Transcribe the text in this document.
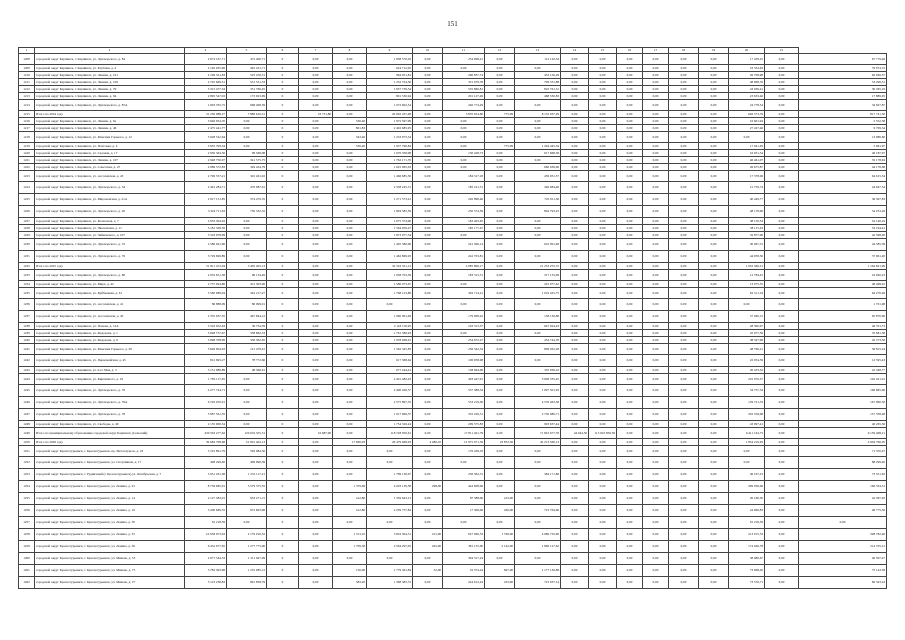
151
1	2	4	5	6	7	8	9	10	11	12	13	14	15	16	17	18	19	20	21	
1208	городской округ Карпинск, г. Карпинск, ул. Луначарского, д. 84	2 674 167,71	472 400,71	0	0,00	0,00	1 838 570,02	0,00	254 098,41	0,00	112 120,34	0,00	0,00	0,00	0,00	0,00	0,00	17 439,25	0,00	67 779,46
1209	городской округ Карпинск, г. Карпинск, ул. Клубная, д. 4	2 162 035,69	445 431,71	0	0,00	0,00	624 712,05	0,00	0,00	0,00	0,00	0,00	0,00	0,00	0,00	0,00	0,00	23 334,63	0,00	79 974,72
1210	городской округ Карпинск, г. Карпинск, ул. Ленина, д. 101	2 199 321,83	525 476,31	0	0,00	0,00	964 051,81	0,00	260 837,74	0,00	453 156,29	0,00	0,00	0,00	0,00	0,00	0,00	26 708,98	0,00	62 926,37
1211	городской округ Карпинск, г. Карпинск, ул. Ленина, д. 109	2 745 669,31	531 551,53	0	0,00	0,00	1 252 724,36	0,00	331 679,78	0,00	799 531,88	0,00	0,00	0,00	0,00	0,00	0,00	48 668,76	0,00	53 296,31
1212	городской округ Карпинск, г. Карпинск, ул. Ленина, д. 79	3 315 477,34	351 760,45	0	0,00	0,00	1 957 739,34	0,00	535 860,81	0,00	810 761,31	0,00	0,00	0,00	0,00	0,00	0,00	43 036,41	0,00	30 265,19
1213	городской округ Карпинск, г. Карпинск, ул. Ленина, д. 94	2 895 547,93	173 923,99	0	0,00	0,00	801 530,94	0,00	201 127,49	0,00	468 530,83	0,00	0,00	0,00	0,00	0,00	0,00	23 633,46	0,00	17 889,95
1214	городской округ Карпинск, г. Карпинск, ул. Луначарского, д. 87А	1 693 335,75	668 408,39	0	0,00	0,00	1 072 602,54	0,00	240 774,29	0,00	0,00	0,00	0,00	0,00	0,00	0,00	0,00	24 778,54	0,00	34 927,87
1215	Итого по 2024 году	31 250 088,27	7 880 616,31	0	23 731,80	0,00	20 902 437,48	0,00	3 870 654,60	775,99	8 135 937,29	0,00	0,00	0,00	0,00	0,00	0,00	646 573,79	0,00	817 741,30
1216	городской округ Карпинск, г. Карпинск, ул. Ленина, д. 6а	3 646 954,70	0,00	0	0,00	536,40	1 975 597,99	0,00	0,00	0,00	0,00	0,00	0,00	0,00	0,00	0,00	0,00	16 601,94	0,00	5 552,58
1217	городской округ Карпинск, г. Карпинск, ул. Ленина, д. 46	2 475 441,77	0,00	0	0,00	801,83	2 402 685,95	0,00	0,00	0,00	0,00	0,00	0,00	0,00	0,00	0,00	0,00	27 427,46	0,00	9 709,34
1218	городской округ Карпинск, г. Карпинск, ул. Максима Горького, д. 12	3 028 522,64	0,00	0	0,00	343,40	1 233 973,34	0,00	0,00	0,00	0,00	0,00	0,00	0,00	0,00	0,00	0,00	0,00	0,00	13 086,60
1219	городской округ Карпинск, г. Карпинск, ул. Почтовая, д. 4	3 935 709,34	0,00	0	0,00	536,40	1 937 796,84	0,00	0,00	775,99	1 294 445,34	0,00	0,00	0,00	0,00	0,00	0,00	17 041,29	0,00	5 961,97
1220	городской округ Карпинск, г. Карпинск, ул. Садовая, д. 17	2 950 364,56	99 568,08	0	0,00	0,00	1 670 358,08	0,00	150 428,73	0,00	617 668,39	0,00	0,00	0,00	0,00	0,00	0,00	16 951,34	0,00	46 187,07
1221	городской округ Карпинск, г. Карпинск, ул. Ленина, д. 107	2 948 750,07	341 575,75	0	0,00	0,00	1 762 171,70	0,00	0,00	0,00	0,00	0,00	0,00	0,00	0,00	0,00	0,00	46 461,07	0,00	35 178,94
1222	городской округ Карпинск, г. Карпинск, ул. Советская, д. 47	2 086 572,83	329 434,79	0	0,00	0,00	1 025 065,03	0,00	0,00	0,00	660 636,90	0,00	0,00	0,00	0,00	0,00	0,00	26 675,87	0,00	44 178,68
1223	городской округ Карпинск, г. Карпинск, ул. Ассолевская, д. 43	2 796 557,21	345 461,02	0	0,00	0,00	1 466 685,50	0,00	184 317,18	0,00	459 931,57	0,00	0,00	0,00	0,00	0,00	0,00	17 378,06	0,00	64 615,34
1224	городской округ Карпинск, г. Карпинск, ул. Луначарского, д. 34	2 491 284,71	476 087,91	0	0,00	0,00	2 358 245,31	0,00	185 191,51	0,00	346 984,46	0,00	0,00	0,00	0,00	0,00	0,00	15 759,74	0,00	44 647,54
1225	городской округ Карпинск, г. Карпинск, ул. Мироновская, д. 21А	2 917 151,85	374 479,35	0	0,00	0,00	1 271 573,41	0,00	220 898,46	0,00	745 911,36	0,00	0,00	0,00	0,00	0,00	0,00	40 449,77	0,00	36 397,83
1226	городской округ Карпинск, г. Карпинск, ул. Луначарского, д. 20	3 324 711,63	750 332,52	0	0,00	0,00	1 804 585,59	0,00	250 574,59	0,00	804 793,25	0,00	0,00	0,00	0,00	0,00	0,00	48 178,96	0,00	54 253,26
1227	городской округ Карпинск, г. Карпинск, ул. Колхозная, д. 7	2 953 304,02	0,00	0	0,00	0,00	1 675 374,00	0,00	183 403,65	0,00	0,00	0,00	0,00	0,00	0,00	0,00	0,00	38 150,33	0,00	52 146,19
1228	городской округ Карпинск, г. Карпинск, ул. Чкаловская, д. 11	3 181 328,59	0,00	0	0,00	0,00	1 564 059,27	0,00	185 177,47	0,00	0,00	0,00	0,00	0,00	0,00	0,00	0,00	38 115,43	0,00	52 194,41
1229	городской округ Карпинск, г. Карпинск, ул. Чайковского, д. 107	3 316 978,99	0,00	0	0,00	0,00	1 873 077,34	0,00	0,00	0,00	0,00	0,00	0,00	0,00	0,00	0,00	0,00	32 877,96	0,00	42 598,26
1230	городской округ Карпинск, г. Карпинск, ул. Луначарского, д. 53	2 586 941,96	0,00	0	0,00	0,00	1 405 386,96	0,00	241 396,14	0,00	610 091,48	0,00	0,00	0,00	0,00	0,00	0,00	30 067,31	0,00	44 585,39
1231	городской округ Карпинск, г. Карпинск, ул. Луначарского, д. 76	3 729 699,89	0,00	0	0,00	0,00	1 462 869,93	0,00	242 703,81	0,00	0,00	0,00	0,00	0,00	0,00	0,00	0,00	44 958,56	0,00	37 961,20
1232	Итого по 2025 году	51 811 472,04	3 465 405,13	0	0,00	0,00	32 316 321,12	0,00	2 085 806,17	0,00	21 253 255,72	0,00	0,00	0,00	0,00	0,00	0,00	1 052 366,21	0,00	1 164 821,99
1233	городской округ Карпинск, г. Карпинск, ул. Луначарского, д. 80	2 032 651,58	96 134,49	0	0,00	0,00	1 058 703,39	0,00	183 315,51	0,00	317 133,09	0,00	0,00	0,00	0,00	0,00	0,00	12 784,61	0,00	16 920,23
1234	городской округ Карпинск, г. Карпинск, ул. Мира, д. 42	2 757 924,86	431 303,06	0	0,00	0,00	1 580 073,67	0,00	0,00	0,00	291 977,42	0,00	0,00	0,00	0,00	0,00	0,00	13 975,55	0,00	48 498,42
1235	городской округ Карпинск, г. Карпинск, ул. Куйбышева, д. 61	3 560 989,04	342 217,27	0	0,00	0,00	1 768 123,86	0,00	302 714,21	0,00	1 019 425,75	0,00	0,00	0,00	0,00	0,00	0,00	62 511,19	0,00	64 270,49
1236	городской округ Карпинск, г. Карпинск, ул. Ассолевская, д. 41	86 888,09	80 099,01	0	0,00	0,00	0,00	0,00	0,00	0,00	0,00	0,00	0,00	0,00	0,00	0,00	0,00	0,00	0,00	1 701,98
1237	городской округ Карпинск, г. Карпинск, ул. Ассолевская, д. 43	2 355 937,35	467 844,12	0	0,00	0,00	1 060 091,49	0,00	179 908,22	0,00	158 136,86	0,00	0,00	0,00	0,00	0,00	0,00	57 040,15	0,00	65 870,90
1238	городской округ Карпинск, г. Карпинск, ул. Попова, д. 12А	3 316 052,63	36 754,59	0	0,00	0,00	2 118 156,95	0,00	193 313,37	0,00	647 024,43	0,00	0,00	0,00	0,00	0,00	0,00	28 300,97	0,00	46 701,73
1239	городской округ Карпинск, г. Карпинск, ул. Федорова, д. 1	3 048 757,67	358 862,53	0	0,00	0,00	1 761 586,93	0,00	0,00	0,00	0,00	0,00	0,00	0,00	0,00	0,00	0,00	25 077,59	0,00	35 681,38
1240	городской округ Карпинск, г. Карпинск, ул. Федорова, д. 9	3 098 708,99	336 362,65	0	0,00	0,00	1 978 948,61	0,00	254 672,27	0,00	454 744,76	0,00	0,00	0,00	0,00	0,00	0,00	38 327,99	0,00	45 573,56
1241	городской округ Карпинск, г. Карпинск, ул. Максима Горького, д. 39	3 649 904,93	121 479,61	0	0,00	0,00	1 562 345,83	0,00	256 342,34	0,00	806 032,28	0,00	0,00	0,00	0,00	0,00	0,00	48 766,21	0,00	50 815,24
1242	городской округ Карпинск, г. Карпинск, ул. Первомайская, д. 45	812 695,27	78 772,66	0	0,00	0,00	617 368,64	0,00	106 958,98	0,00	0,00	0,00	0,00	0,00	0,00	0,00	0,00	22 054,59	0,00	12 595,43
1243	городской округ Карпинск, г. Карпинск, ул. 9-го Мая, д. 3	3 151 989,89	48 366,61	0	0,00	0,00	677 244,41	0,00	158 664,06	0,00	355 936,22	0,00	0,00	0,00	0,00	0,00	0,00	20 433,32	0,00	22 348,77
1244	городской округ Карпинск, г. Карпинск, ул. Кирпичного, д. 16	1 783 117,65	0,00	0	0,00	0,00	2 401 482,43	0,00	403 447,91	0,00	3 606 535,45	0,00	0,00	0,00	0,00	0,00	0,00	210 076,57	0,00	192 421,91
1245	городской округ Карпинск, г. Карпинск, ул. Луначарского, д. 76	4 277 744,71	0,00	0	0,00	0,00	2 490 426,57	0,00	537 388,54	0,00	1 097 501,93	0,00	0,00	0,00	0,00	0,00	0,00	54 737,54	0,00	166 865,06
1246	городской округ Карпинск, г. Карпинск, ул. Луначарского, д. 76А	6 702 070,01	0,00	0	0,00	0,00	2 575 897,35	0,00	553 219,36	0,00	4 576 463,58	0,00	0,00	0,00	0,00	0,00	0,00	159 721,33	0,00	167 990,50
1247	городской округ Карпинск, г. Карпинск, ул. Луначарского, д. 78	5 987 561,35	0,00	0	0,00	0,00	1 917 669,37	0,00	332 220,31	0,00	2 730 080,71	0,00	0,00	0,00	0,00	0,00	0,00	202 559,08	0,00	137 358,48
1248	городской округ Карпинск, г. Карпинск, ул. Свободы, д. 49	2 155 909,54	0,00	0	0,00	0,00	1 754 329,24	0,00	209 375,83	0,00	903 637,44	0,00	0,00	0,00	0,00	0,00	0,00	43 097,41	0,00	40 265,36
1249	Итого по муниципальному образованию городской округ Карпинск (Сельский)	430 593 277,62	120 016 355,31	0	16 687,90	0,00	118 728 050,61	0,00	17 811 401,79	0,00	71 822 677,76	44 044,50	115 910 859,59	0,00	0,00	0,00	0,00	6 411 164,75	0,00	9 159 468,21
1250	Итого по 2026 году	39 684 708,68	10 901 402,13	0	0,00	17 696,93	26 479 669,93	4 480,10	12 975 071,39	23 853,36	42 213 560,13	0,00	0,00	0,00	0,00	0,00	0,00	1 834 219,29	0,00	4 904 796,05
1251	городской округ Краснотурьинск, г. Краснотурьинск, пр. Металлургов, д. 23	3 191 891,79	592 084,56	0	0,00	0,00	0,00	0,00	176 439,76	0,00	0,00	0,00	0,00	0,00	0,00	0,00	0,00	0,00	0,00	71 370,47
1252	городской округ Краснотурьинск, г. Краснотурьинск, ул. Спортивная, д. 17	408 299,40	409 990,39	0	0,00	0,00	0,00	0,00	0,00	0,00	0,00	0,00	0,00	0,00	0,00	0,00	0,00	0,00	0,00	88 299,40
1253	городской округ Краснотурьинск, г. Рудничный (г. Краснотурьинск) ул. Октябрьская, д. 7	3 951 261,38	1 255 117,21	0	0,00	0,00	1 769 136,97	0,00	236 362,31	0,00	384 171,86	0,00	0,00	0,00	0,00	0,00	0,00	46 197,23	0,00	73 551,65
1254	городской округ Краснотурьинск, г. Краснотурьинск, ул. Ленина, д. 25	8 739 685,91	3 579 375,35	0	0,00	1 379,69	4 293 139,58	298,00	444 608,06	0,00	0,00	0,00	0,00	0,00	0,00	0,00	0,00	299 036,06	0,00	166 334,31
1255	городской округ Краснотурьинск, г. Краснотурьинск, ул. Ленина, д. 14	2 127 583,01	933 271,15	0	0,00	412,80	1 359 643,13	0,00	87 388,06	413,00	0,00	0,00	0,00	0,00	0,00	0,00	0,00	20 166,50	0,00	42 397,65
1256	городской округ Краснотурьинск, г. Краснотурьинск, ул. Ленина, д. 19	3 200 669,55	972 603,98	0	0,00	412,80	2 259 757,84	0,00	17 306,06	430,00	723 764,60	0,00	0,00	0,00	0,00	0,00	0,00	24 006,83	0,00	46 775,56
1257	городской округ Краснотурьинск, г. Краснотурьинск, ул. Ленина, д. 30	61 218,59	0,00	0	0,00	0,00	0,00	0,00	0,00	0,00	0,00	0,00	0,00	0,00	0,00	0,00	0,00	61 218,59	0,00	0,00
1258	городской округ Краснотурьинск, г. Краснотурьинск, ул. Ленина, д. 35	10 658 973,63	2 179 016,52	0	0,00	1 313,10	3 816 304,31	101,00	627 060,33	1 790,00	4 086 732,90	0,00	0,00	0,00	0,00	0,00	0,00	213 015,53	0,00	298 782,46
1259	городской округ Краснотурьинск, г. Краснотурьинск, ул. Ленина, д. 36	6 432 977,65	1 277 775,06	0	0,00	1 709,30	2 564 297,05	202,00	381 155,00	2 142,00	1 866 127,62	0,00	0,00	0,00	0,00	0,00	0,00	174 046,78	0,00	214 705,21
1260	городской округ Краснотурьинск, г. Краснотурьинск, ул. Микова, д. 53	2 677 544,33	1 311 047,09	0	0,00	0,00	0,00	0,00	394 317,24	0,00	0,00	0,00	0,00	0,00	0,00	0,00	0,00	38 086,67	0,00	46 597,47
1261	городской округ Краснотурьинск, г. Краснотурьинск, ул. Микова, д. 75	3 782 393,98	1 255 085,12	0	0,00	156,00	1 779 361,84	52,00	16 374,24	697,00	1 177 136,89	0,00	0,00	0,00	0,00	0,00	0,00	73 968,20	0,00	75 143,39
1262	городской округ Краснотурьинск, г. Краснотурьинск, ул. Микова, д. 27	3 123 238,83	861 858,79	0	0,00	383,20	1 368 385,72	0,00	244 612,44	433,00	723 037,14	0,00	0,00	0,00	0,00	0,00	0,00	73 576,71	0,00	60 343,24
